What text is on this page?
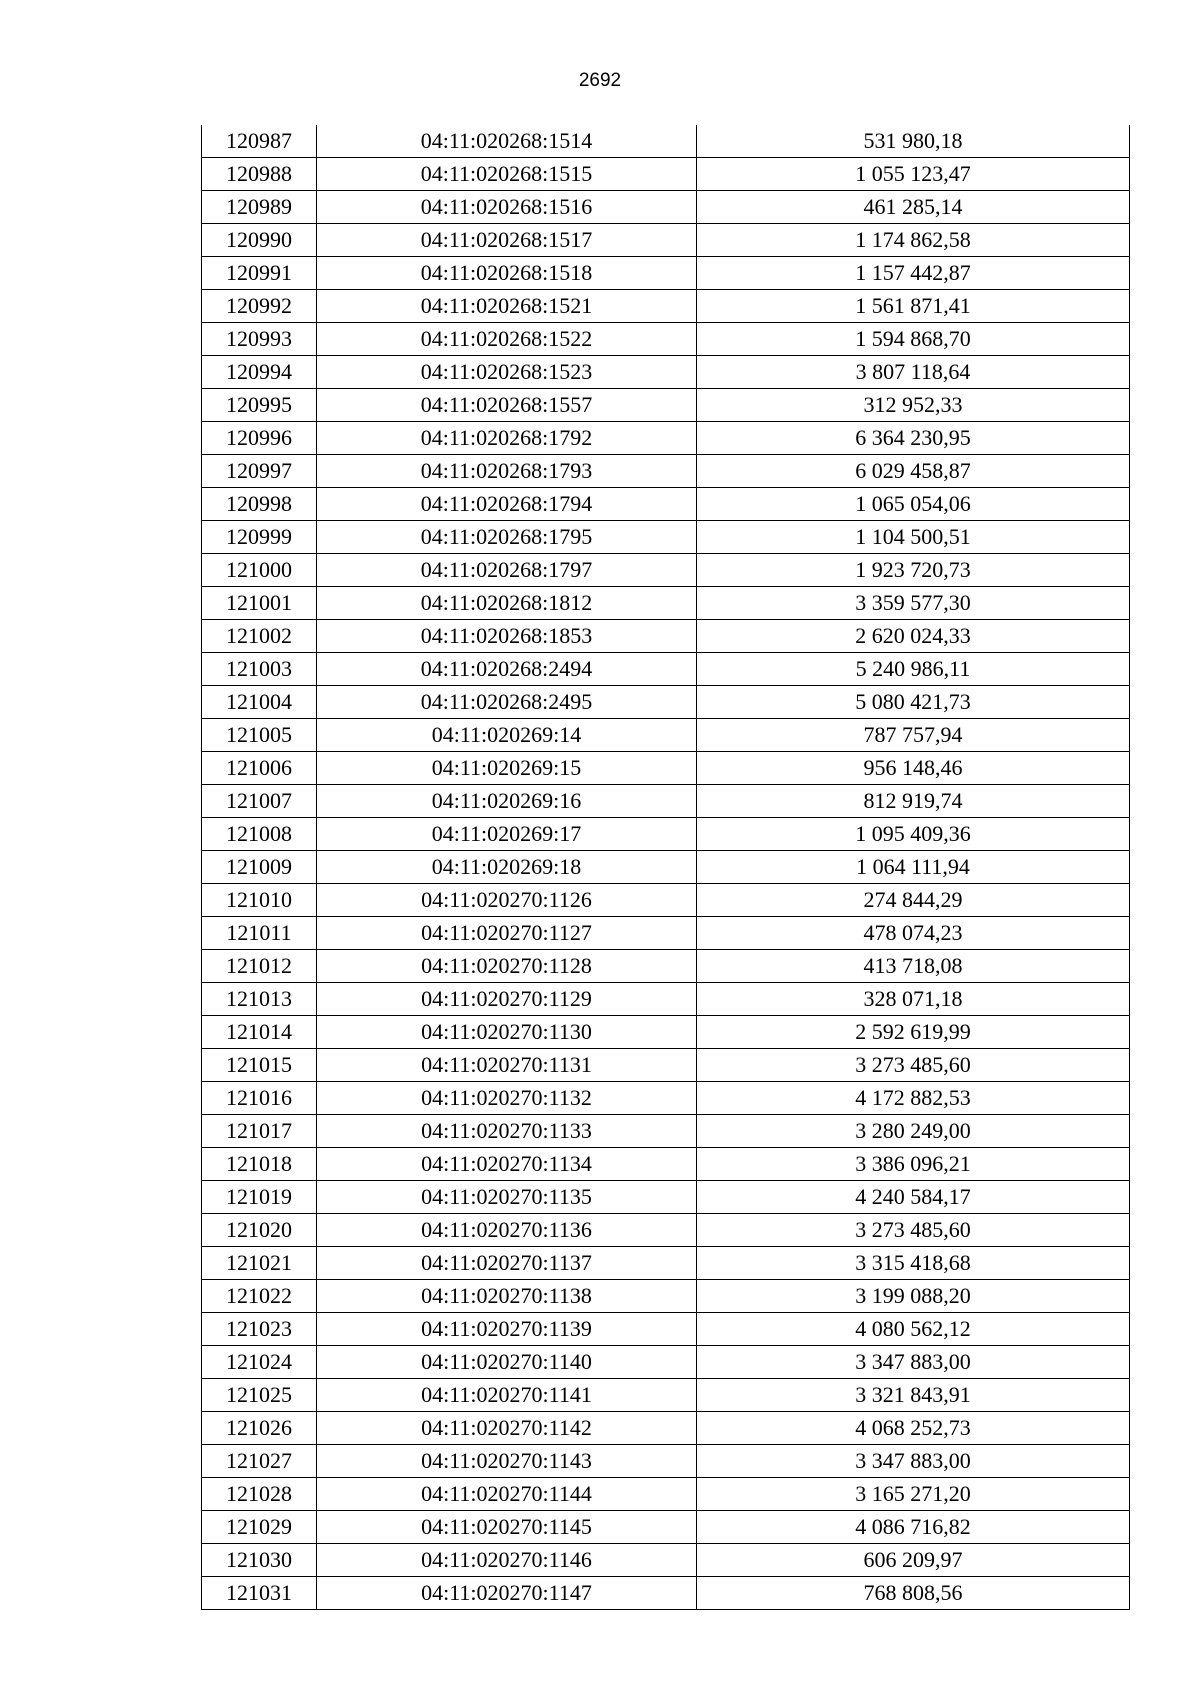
2692
120987	04:11:020268:1514	531 980,18
120988	04:11:020268:1515	1 055 123,47
120989	04:11:020268:1516	461 285,14
120990	04:11:020268:1517	1 174 862,58
120991	04:11:020268:1518	1 157 442,87
120992	04:11:020268:1521	1 561 871,41
120993	04:11:020268:1522	1 594 868,70
120994	04:11:020268:1523	3 807 118,64
120995	04:11:020268:1557	312 952,33
120996	04:11:020268:1792	6 364 230,95
120997	04:11:020268:1793	6 029 458,87
120998	04:11:020268:1794	1 065 054,06
120999	04:11:020268:1795	1 104 500,51
121000	04:11:020268:1797	1 923 720,73
121001	04:11:020268:1812	3 359 577,30
121002	04:11:020268:1853	2 620 024,33
121003	04:11:020268:2494	5 240 986,11
121004	04:11:020268:2495	5 080 421,73
121005	04:11:020269:14	787 757,94
121006	04:11:020269:15	956 148,46
121007	04:11:020269:16	812 919,74
121008	04:11:020269:17	1 095 409,36
121009	04:11:020269:18	1 064 111,94
121010	04:11:020270:1126	274 844,29
121011	04:11:020270:1127	478 074,23
121012	04:11:020270:1128	413 718,08
121013	04:11:020270:1129	328 071,18
121014	04:11:020270:1130	2 592 619,99
121015	04:11:020270:1131	3 273 485,60
121016	04:11:020270:1132	4 172 882,53
121017	04:11:020270:1133	3 280 249,00
121018	04:11:020270:1134	3 386 096,21
121019	04:11:020270:1135	4 240 584,17
121020	04:11:020270:1136	3 273 485,60
121021	04:11:020270:1137	3 315 418,68
121022	04:11:020270:1138	3 199 088,20
121023	04:11:020270:1139	4 080 562,12
121024	04:11:020270:1140	3 347 883,00
121025	04:11:020270:1141	3 321 843,91
121026	04:11:020270:1142	4 068 252,73
121027	04:11:020270:1143	3 347 883,00
121028	04:11:020270:1144	3 165 271,20
121029	04:11:020270:1145	4 086 716,82
121030	04:11:020270:1146	606 209,97
121031	04:11:020270:1147	768 808,56
